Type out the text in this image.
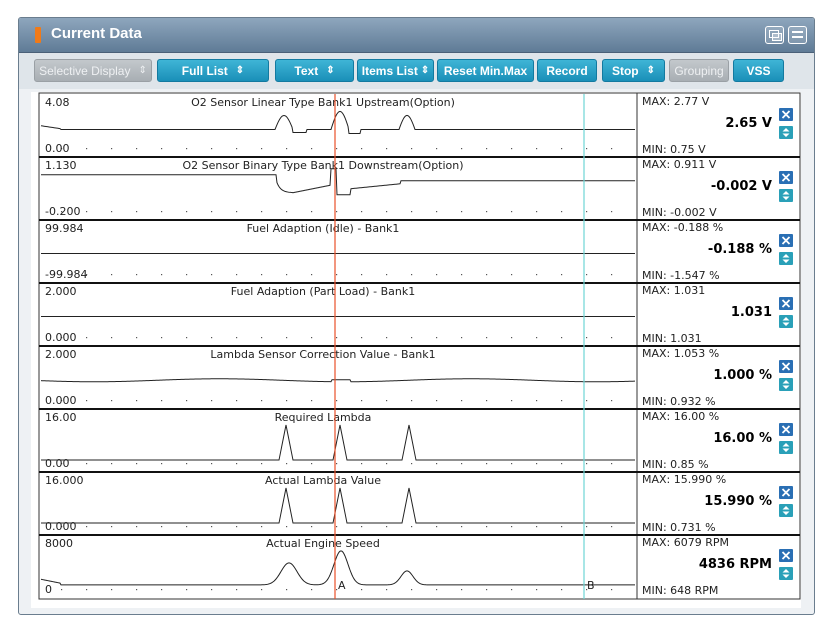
Current Data
Selective Display ⇕	Full List ⇕	Text ⇕ Items List ⇕ Reset Min.Max Record Stop ⇕ Grouping VSS
4.08
0.00
O2 Sensor Linear Type Bank1 Upstream(Option)	MAX: 2.77 V
2.65 V
MIN: 0.75 V
1.130
-0.200
O2 Sensor Binary Type Bank1 Downstream(Option)	MAX: 0.911 V
-0.002 V
MIN: -0.002 V
99.984
-99.984
Fuel Adaption (Idle) - Bank1	MAX: -0.188 %
-0.188 %
MIN: -1.547 %
2.000
0.000
Fuel Adaption (Part Load) - Bank1	MAX: 1.031
1.031
MIN: 1.031
2.000
0.000
Lambda Sensor Correction Value - Bank1	MAX: 1.053 %
1.000 %
MIN: 0.932 %
16.00
0.00
Required Lambda	MAX: 16.00 %
16.00 %
MIN: 0.85 %
16.000
0.000
Actual Lambda Value	MAX: 15.990 %
15.990 %
MIN: 0.731 %
8000
0
Actual Engine Speed	MAX: 6079 RPM
4836 RPM
MIN: 648 RPM
A	B
